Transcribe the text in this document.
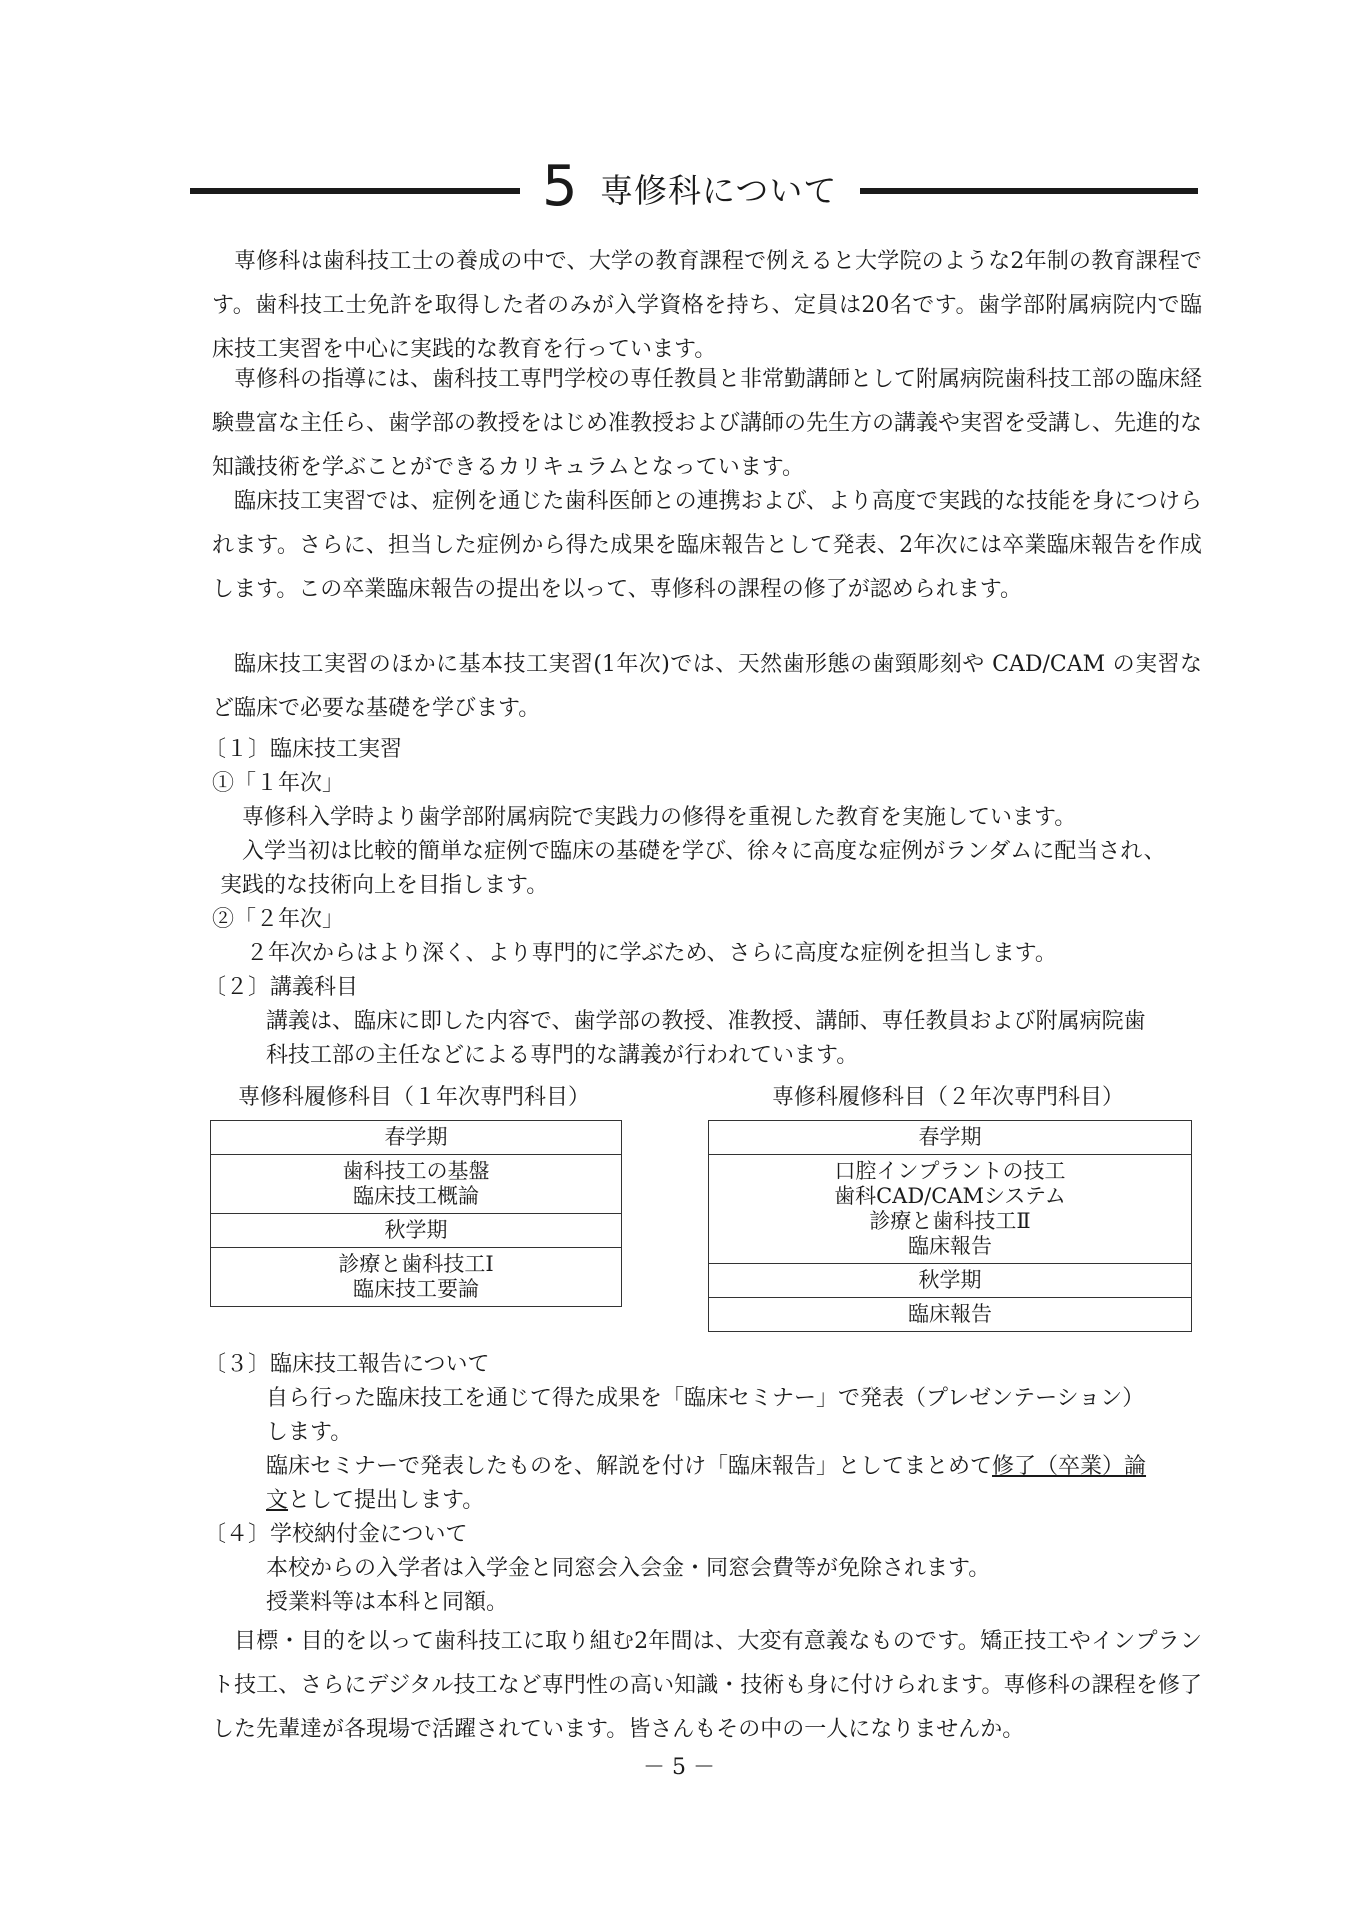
5 専修科について

専修科は歯科技工士の養成の中で、大学の教育課程で例えると大学院のような2年制の教育課程です。歯科技工士免許を取得した者のみが入学資格を持ち、定員は20名です。歯学部附属病院内で臨床技工実習を中心に実践的な教育を行っています。

専修科の指導には、歯科技工専門学校の専任教員と非常勤講師として附属病院歯科技工部の臨床経験豊富な主任ら、歯学部の教授をはじめ准教授および講師の先生方の講義や実習を受講し、先進的な知識技術を学ぶことができるカリキュラムとなっています。

臨床技工実習では、症例を通じた歯科医師との連携および、より高度で実践的な技能を身につけられます。さらに、担当した症例から得た成果を臨床報告として発表、2年次には卒業臨床報告を作成します。この卒業臨床報告の提出を以って、専修科の課程の修了が認められます。

臨床技工実習のほかに基本技工実習(1年次)では、天然歯形態の歯頸彫刻や CAD/CAM の実習など臨床で必要な基礎を学びます。

〔１〕臨床技工実習
①「１年次」
専修科入学時より歯学部附属病院で実践力の修得を重視した教育を実施しています。
入学当初は比較的簡単な症例で臨床の基礎を学び、徐々に高度な症例がランダムに配当され、
実践的な技術向上を目指します。
②「２年次」
２年次からはより深く、より専門的に学ぶため、さらに高度な症例を担当します。
〔２〕講義科目
講義は、臨床に即した内容で、歯学部の教授、准教授、講師、専任教員および附属病院歯
科技工部の主任などによる専門的な講義が行われています。
専修科履修科目（１年次専門科目）
春学期

歯科技工の基盤
臨床技工概論

秋学期

診療と歯科技工Ⅰ
臨床技工要論
専修科履修科目（２年次専門科目）
春学期

口腔インプラントの技工
歯科CAD/CAMシステム
診療と歯科技工Ⅱ
臨床報告

秋学期
臨床報告
〔３〕臨床技工報告について
自ら行った臨床技工を通じて得た成果を「臨床セミナー」で発表（プレゼンテーション）
します。
臨床セミナーで発表したものを、解説を付け「臨床報告」としてまとめて修了（卒業）論
文として提出します。
〔４〕学校納付金について
本校からの入学者は入学金と同窓会入会金・同窓会費等が免除されます。
授業料等は本科と同額。

目標・目的を以って歯科技工に取り組む2年間は、大変有意義なものです。矯正技工やインプラント技工、さらにデジタル技工など専門性の高い知識・技術も身に付けられます。専修科の課程を修了した先輩達が各現場で活躍されています。皆さんもその中の一人になりませんか。

－ 5 －
